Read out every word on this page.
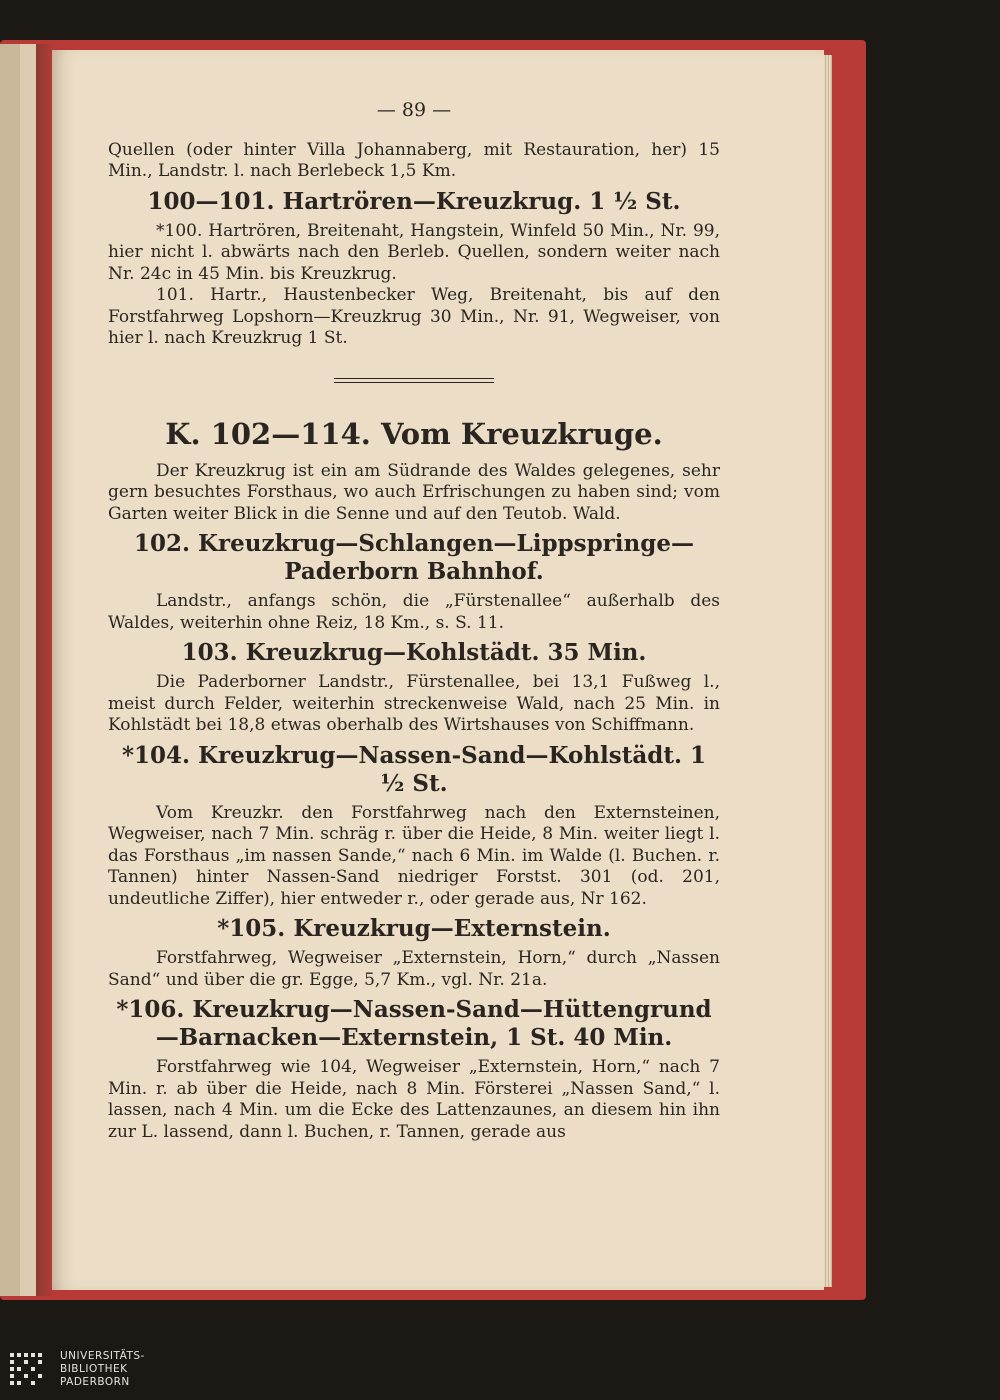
— 89 —

Quellen (oder hinter Villa Johannaberg, mit Restauration, her) 15 Min., Landstr. l. nach Berlebeck 1,5 Km.

100—101. Hartrören—Kreuzkrug. 1 ½ St.

*100. Hartrören, Breitenaht, Hangstein, Winfeld 50 Min., Nr. 99, hier nicht l. abwärts nach den Berleb. Quellen, sondern weiter nach Nr. 24c in 45 Min. bis Kreuzkrug.

101. Hartr., Haustenbecker Weg, Breitenaht, bis auf den Forstfahrweg Lopshorn—Kreuzkrug 30 Min., Nr. 91, Wegweiser, von hier l. nach Kreuzkrug 1 St.

K. 102—114. Vom Kreuzkruge.

Der Kreuzkrug ist ein am Südrande des Waldes gelegenes, sehr gern besuchtes Forsthaus, wo auch Erfrischungen zu haben sind; vom Garten weiter Blick in die Senne und auf den Teutob. Wald.

102. Kreuzkrug—Schlangen—Lippspringe—Paderborn Bahnhof.

Landstr., anfangs schön, die „Fürstenallee“ außerhalb des Waldes, weiterhin ohne Reiz, 18 Km., s. S. 11.

103. Kreuzkrug—Kohlstädt. 35 Min.

Die Paderborner Landstr., Fürstenallee, bei 13,1 Fußweg l., meist durch Felder, weiterhin streckenweise Wald, nach 25 Min. in Kohlstädt bei 18,8 etwas oberhalb des Wirtshauses von Schiffmann.

*104. Kreuzkrug—Nassen-Sand—Kohlstädt. 1 ½ St.

Vom Kreuzkr. den Forstfahrweg nach den Externsteinen, Wegweiser, nach 7 Min. schräg r. über die Heide, 8 Min. weiter liegt l. das Forsthaus „im nassen Sande,“ nach 6 Min. im Walde (l. Buchen. r. Tannen) hinter Nassen-Sand niedriger Forstst. 301 (od. 201, undeutliche Ziffer), hier entweder r., oder gerade aus, Nr 162.

*105. Kreuzkrug—Externstein.

Forstfahrweg, Wegweiser „Externstein, Horn,“ durch „Nassen Sand“ und über die gr. Egge, 5,7 Km., vgl. Nr. 21a.

*106. Kreuzkrug—Nassen-Sand—Hüttengrund—Barnacken—Externstein, 1 St. 40 Min.

Forstfahrweg wie 104, Wegweiser „Externstein, Horn,“ nach 7 Min. r. ab über die Heide, nach 8 Min. Försterei „Nassen Sand,“ l. lassen, nach 4 Min. um die Ecke des Lattenzaunes, an diesem hin ihn zur L. lassend, dann l. Buchen, r. Tannen, gerade aus

UNIVERSITÄTS-
BIBLIOTHEK
PADERBORN
